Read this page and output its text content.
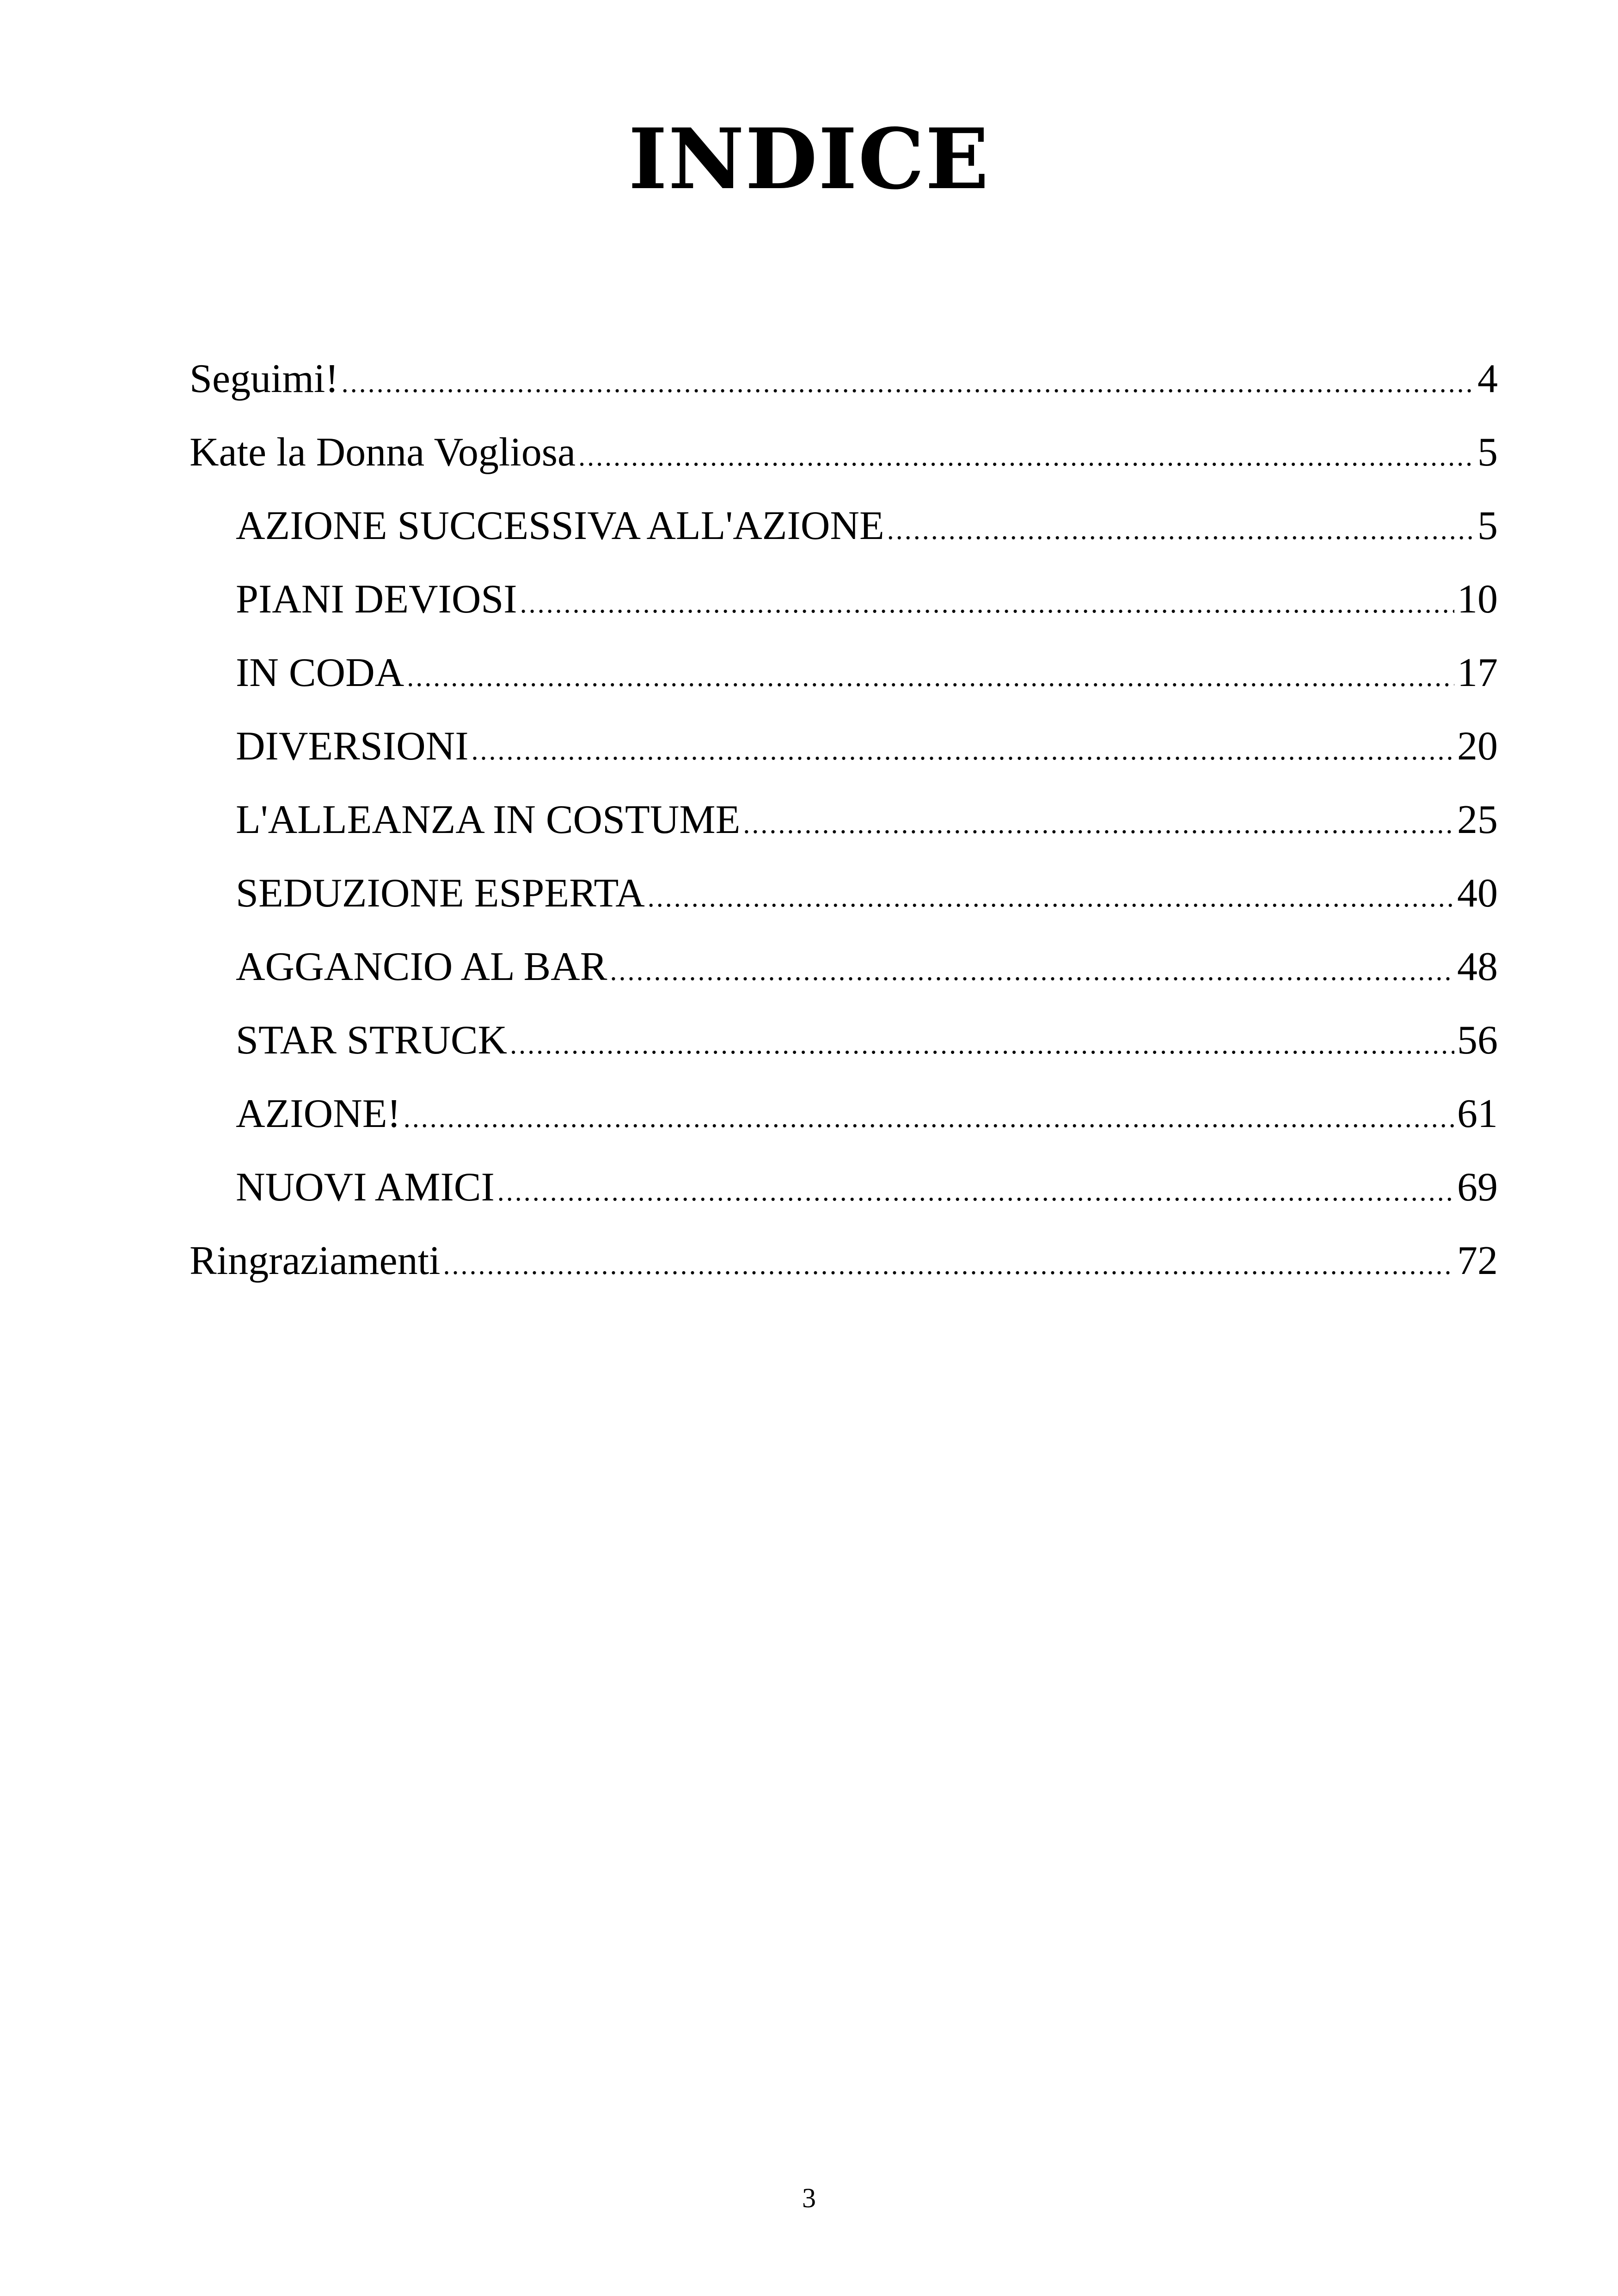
INDICE
Seguimi! .....	4
Kate la Donna Vogliosa .....	5
AZIONE SUCCESSIVA ALL'AZIONE .....	5
PIANI DEVIOSI .....	10
IN CODA .....	17
DIVERSIONI .....	20
L'ALLEANZA IN COSTUME .....	25
SEDUZIONE ESPERTA .....	40
AGGANCIO AL BAR .....	48
STAR STRUCK .....	56
AZIONE! .....	61
NUOVI AMICI .....	69
Ringraziamenti .....	72
3
